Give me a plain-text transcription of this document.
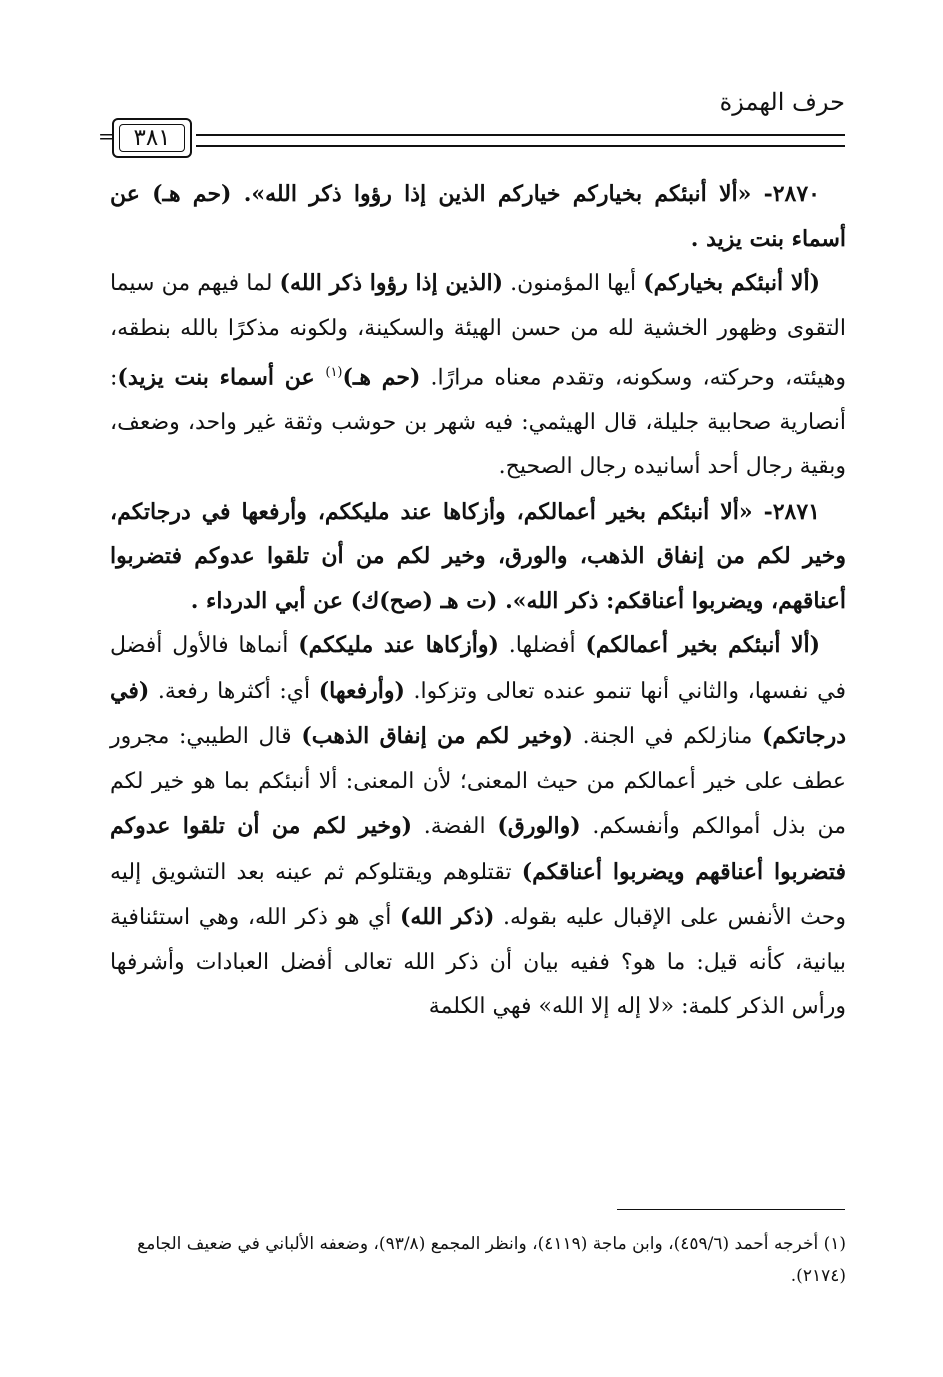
حرف الهمزة
٣٨١
=

٢٨٧٠- «ألا أنبئكم بخياركم خياركم الذين إذا رؤوا ذكر الله». (حم هـ) عن أسماء بنت يزيد .

(ألا أنبئكم بخياركم) أيها المؤمنون. (الذين إذا رؤوا ذكر الله) لما فيهم من سيما التقوى وظهور الخشية لله من حسن الهيئة والسكينة، ولكونه مذكرًا بالله بنطقه، وهيئته، وحركته، وسكونه، وتقدم معناه مرارًا. (حم هـ)$^{(١)}$ عن أسماء بنت يزيد): أنصارية صحابية جليلة، قال الهيثمي: فيه شهر بن حوشب وثقة غير واحد، وضعف، وبقية رجال أحد أسانيده رجال الصحيح.

٢٨٧١- «ألا أنبئكم بخير أعمالكم، وأزكاها عند مليككم، وأرفعها في درجاتكم، وخير لكم من إنفاق الذهب، والورق، وخير لكم من أن تلقوا عدوكم فتضربوا أعناقهم، ويضربوا أعناقكم: ذكر الله». (ت هـ (صح)ك) عن أبي الدرداء .

(ألا أنبئكم بخير أعمالكم) أفضلها. (وأزكاها عند مليككم) أنماها فالأول أفضل في نفسها، والثاني أنها تنمو عنده تعالى وتزكوا. (وأرفعها) أي: أكثرها رفعة. (في درجاتكم) منازلكم في الجنة. (وخير لكم من إنفاق الذهب) قال الطيبي: مجرور عطف على خير أعمالكم من حيث المعنى؛ لأن المعنى: ألا أنبئكم بما هو خير لكم من بذل أموالكم وأنفسكم. (والورق) الفضة. (وخير لكم من أن تلقوا عدوكم فتضربوا أعناقهم ويضربوا أعناقكم) تقتلوهم ويقتلوكم ثم عينه بعد التشويق إليه وحث الأنفس على الإقبال عليه بقوله. (ذكر الله) أي هو ذكر الله، وهي استئنافية بيانية، كأنه قيل: ما هو؟ ففيه بيان أن ذكر الله تعالى أفضل العبادات وأشرفها ورأس الذكر كلمة: «لا إله إلا الله» فهي الكلمة

(١) أخرجه أحمد (٤٥٩/٦)، وابن ماجة (٤١١٩)، وانظر المجمع (٩٣/٨)، وضعفه الألباني في ضعيف الجامع (٢١٧٤).
